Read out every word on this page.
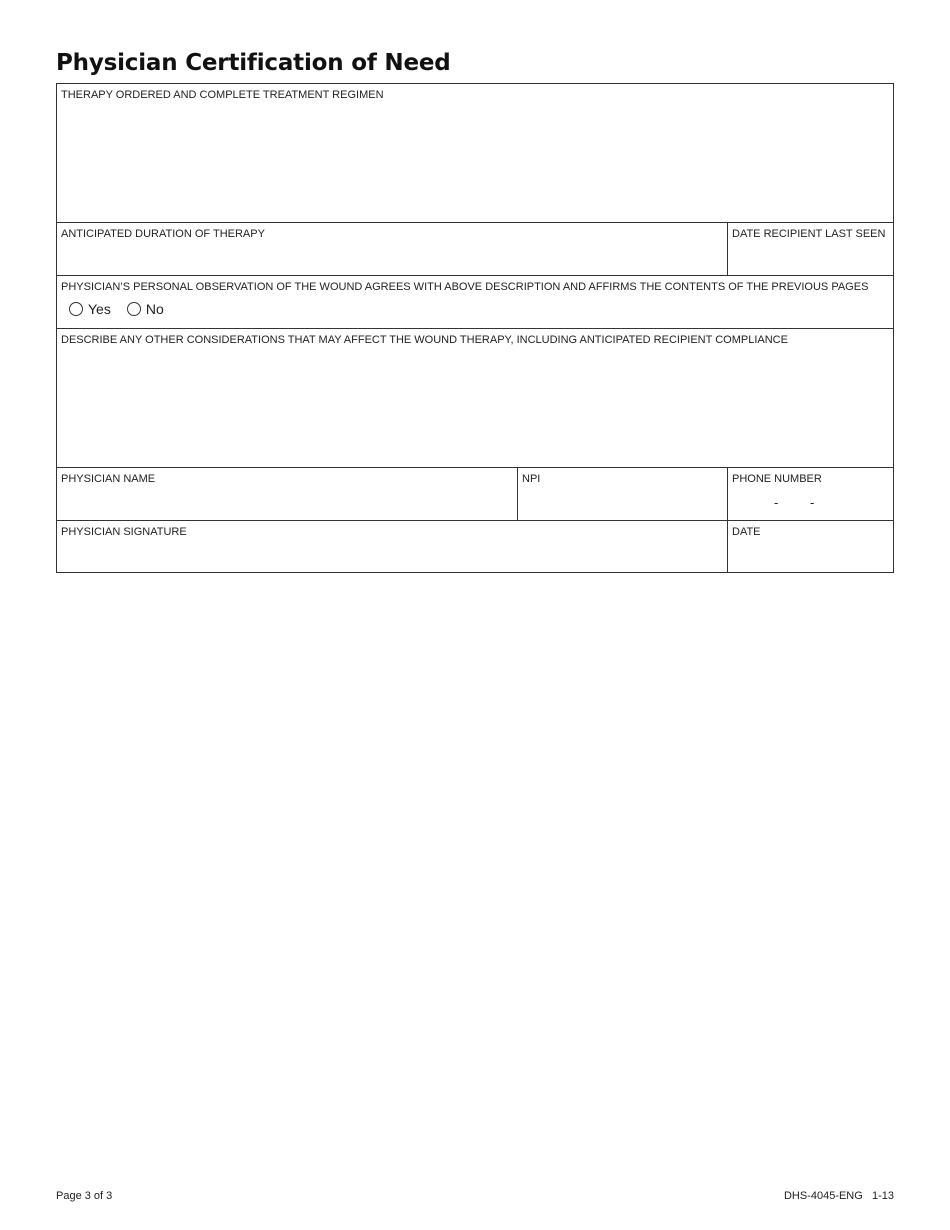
Physician Certification of Need
THERAPY ORDERED AND COMPLETE TREATMENT REGIMEN
ANTICIPATED DURATION OF THERAPY	DATE RECIPIENT LAST SEEN
PHYSICIAN’S PERSONAL OBSERVATION OF THE WOUND AGREES WITH ABOVE DESCRIPTION AND AFFIRMS THE CONTENTS OF THE PREVIOUS PAGES
Yes	No
DESCRIBE ANY OTHER CONSIDERATIONS THAT MAY AFFECT THE WOUND THERAPY, INCLUDING ANTICIPATED RECIPIENT COMPLIANCE
PHYSICIAN NAME	NPI	PHONE NUMBER
- -
PHYSICIAN SIGNATURE	DATE
Page 3 of 3	DHS-4045-ENG   1-13
